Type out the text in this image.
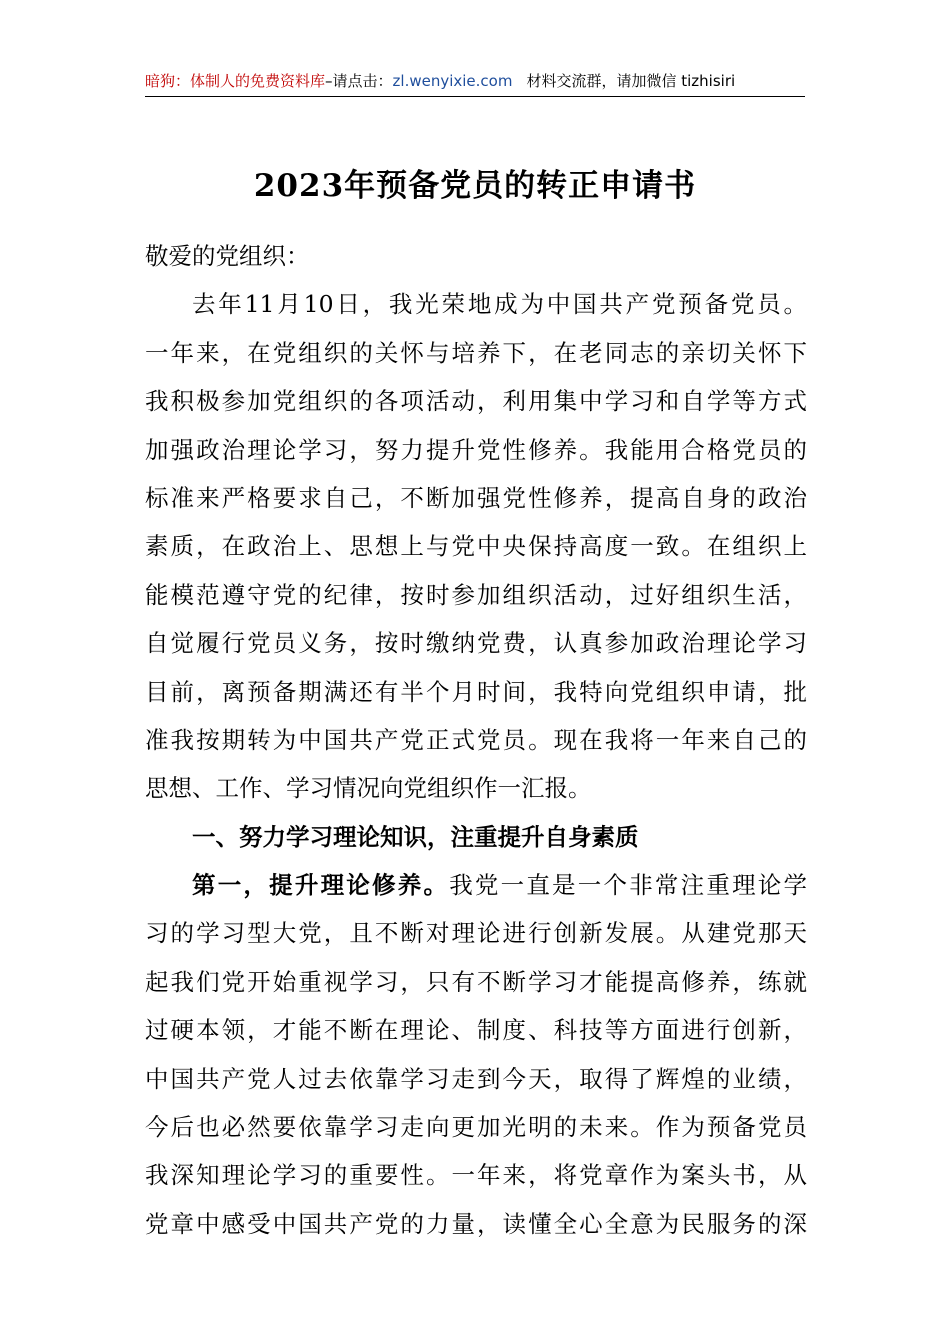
暗狗：体制人的免费资料库–请点击：zl.wenyixie.com 材料交流群，请加微信 tizhisiri
2023年预备党员的转正申请书
敬爱的党组织：
去年11月10日，我光荣地成为中国共产党预备党员。
一年来，在党组织的关怀与培养下，在老同志的亲切关怀下
我积极参加党组织的各项活动，利用集中学习和自学等方式
加强政治理论学习，努力提升党性修养。我能用合格党员的
标准来严格要求自己，不断加强党性修养，提高自身的政治
素质，在政治上、思想上与党中央保持高度一致。在组织上
能模范遵守党的纪律，按时参加组织活动，过好组织生活，
自觉履行党员义务，按时缴纳党费，认真参加政治理论学习
目前，离预备期满还有半个月时间，我特向党组织申请，批
准我按期转为中国共产党正式党员。现在我将一年来自己的
思想、工作、学习情况向党组织作一汇报。
一、努力学习理论知识，注重提升自身素质
第一，提升理论修养。我党一直是一个非常注重理论学
习的学习型大党，且不断对理论进行创新发展。从建党那天
起我们党开始重视学习，只有不断学习才能提高修养，练就
过硬本领，才能不断在理论、制度、科技等方面进行创新，
中国共产党人过去依靠学习走到今天，取得了辉煌的业绩，
今后也必然要依靠学习走向更加光明的未来。作为预备党员
我深知理论学习的重要性。一年来，将党章作为案头书，从
党章中感受中国共产党的力量，读懂全心全意为民服务的深
